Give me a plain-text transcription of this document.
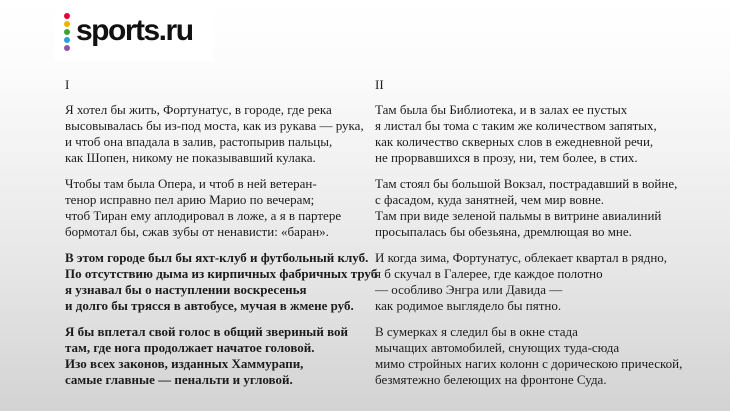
sports.ru
I
Я хотел бы жить, Фортунатус, в городе, где река
высовывалась бы из-под моста, как из рукава — рука,
и чтоб она впадала в залив, растопырив пальцы,
как Шопен, никому не показывавший кулака.
Чтобы там была Опера, и чтоб в ней ветеран-
тенор исправно пел арию Марио по вечерам;
чтоб Тиран ему аплодировал в ложе, а я в партере
бормотал бы, сжав зубы от ненависти: «баран».
В этом городе был бы яхт-клуб и футбольный клуб.
По отсутствию дыма из кирпичных фабричных труб
я узнавал бы о наступлении воскресенья
и долго бы трясся в автобусе, мучая в жмене руб.
Я бы вплетал свой голос в общий звериный вой
там, где нога продолжает начатое головой.
Изо всех законов, изданных Хаммурапи,
самые главные — пенальти и угловой.
II
Там была бы Библиотека, и в залах ее пустых
я листал бы тома с таким же количеством запятых,
как количество скверных слов в ежедневной речи,
не прорвавшихся в прозу, ни, тем более, в стих.
Там стоял бы большой Вокзал, пострадавший в войне,
с фасадом, куда занятней, чем мир вовне.
Там при виде зеленой пальмы в витрине авиалиний
просыпалась бы обезьяна, дремлющая во мне.
И когда зима, Фортунатус, облекает квартал в рядно,
я б скучал в Галерее, где каждое полотно
— особливо Энгра или Давида —
как родимое выглядело бы пятно.
В сумерках я следил бы в окне стада
мычащих автомобилей, снующих туда-сюда
мимо стройных нагих колонн с дорическою прической,
безмятежно белеющих на фронтоне Суда.
